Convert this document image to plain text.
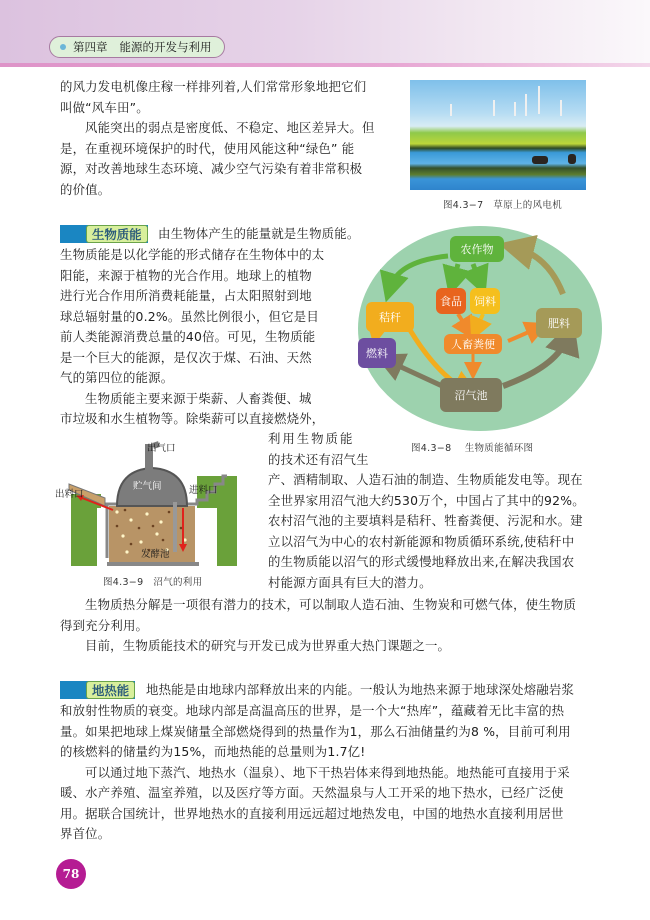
第四章 能源的开发与利用
的风力发电机像庄稼一样排列着,人们常常形象地把它们
叫做“风车田”。
风能突出的弱点是密度低、不稳定、地区差异大。但
是，在重视环境保护的时代，使用风能这种“绿色” 能
源，对改善地球生态环境、减少空气污染有着非常积极
的价值。
图4.3−7 草原上的风电机
生物质能	由生物体产生的能量就是生物质能。
生物质能是以化学能的形式储存在生物体中的太
阳能，来源于植物的光合作用。地球上的植物
进行光合作用所消费耗能量，占太阳照射到地
球总辐射量的0.2%。虽然比例很小，但它是目
前人类能源消费总量的40倍。可见，生物质能
是一个巨大的能源，是仅次于煤、石油、天然
气的第四位的能源。
生物质能主要来源于柴薪、人畜粪便、城
市垃圾和水生植物等。除柴薪可以直接燃烧外，
利用生物质能
的技术还有沼气生
产、酒精制取、人造石油的制造、生物质能发电等。现在
全世界家用沼气池大约530万个，中国占了其中的92%。
农村沼气池的主要填料是秸秆、牲畜粪便、污泥和水。建
立以沼气为中心的农村新能源和物质循环系统,使秸秆中
的生物质能以沼气的形式缓慢地释放出来,在解决我国农
村能源方面具有巨大的潜力。
农作物
食品	饲料
秸秆	肥料
人畜粪便
燃料
沼气池
图4.3−8 生物质能循环图
出气口
贮气间	进料口
出料口
发酵池
图4.3−9 沼气的利用
生物质热分解是一项很有潜力的技术，可以制取人造石油、生物炭和可燃气体，使生物质
得到充分利用。
目前，生物质能技术的研究与开发已成为世界重大热门课题之一。
地热能	地热能是由地球内部释放出来的内能。一般认为地热来源于地球深处熔融岩浆
和放射性物质的衰变。地球内部是高温高压的世界，是一个大“热库”，蕴藏着无比丰富的热
量。如果把地球上煤炭储量全部燃烧得到的热量作为1，那么石油储量约为8 %，目前可利用
的核燃料的储量约为15%，而地热能的总量则为1.7亿!
可以通过地下蒸汽、地热水（温泉）、地下干热岩体来得到地热能。地热能可直接用于采
暖、水产养殖、温室养殖，以及医疗等方面。天然温泉与人工开采的地下热水，已经广泛使
用。据联合国统计，世界地热水的直接利用远远超过地热发电，中国的地热水直接利用居世
界首位。
78
